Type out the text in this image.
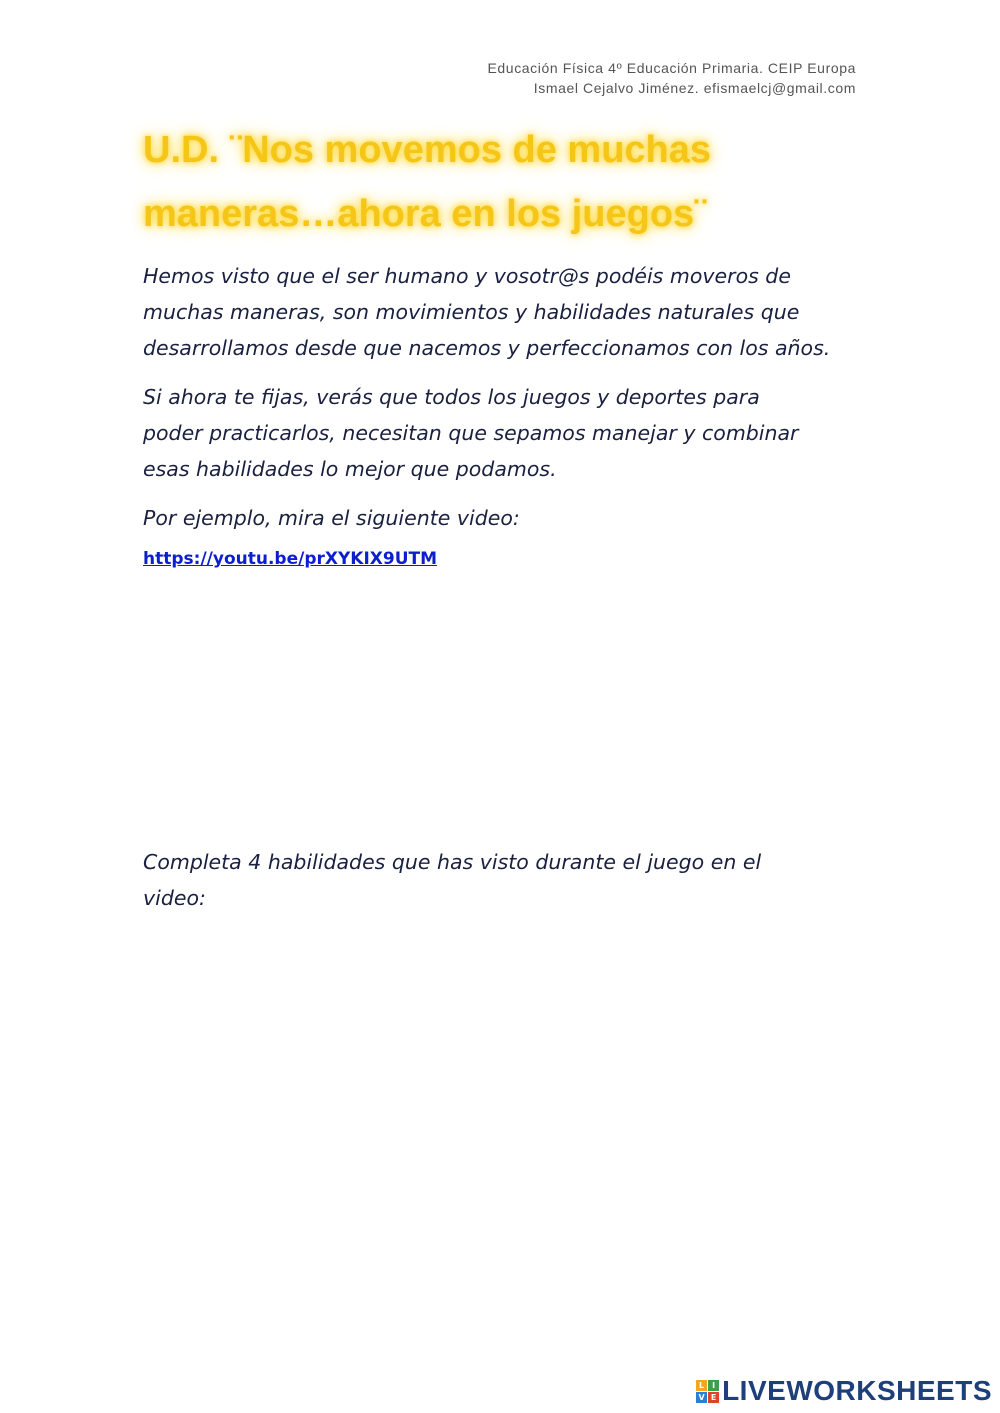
Educación Física 4º Educación Primaria. CEIP Europa
Ismael Cejalvo Jiménez. efismaelcj@gmail.com
U.D. ¨Nos movemos de muchas
maneras…ahora en los juegos¨
Hemos visto que el ser humano y vosotr@s podéis moveros de
muchas maneras, son movimientos y habilidades naturales que
desarrollamos desde que nacemos y perfeccionamos con los años.
Si ahora te fijas, verás que todos los juegos y deportes para
poder practicarlos, necesitan que sepamos manejar y combinar
esas habilidades lo mejor que podamos.
Por ejemplo, mira el siguiente video:
https://youtu.be/prXYKIX9UTM
Completa 4 habilidades que has visto durante el juego en el
video:
L I
V E LIVEWORKSHEETS
